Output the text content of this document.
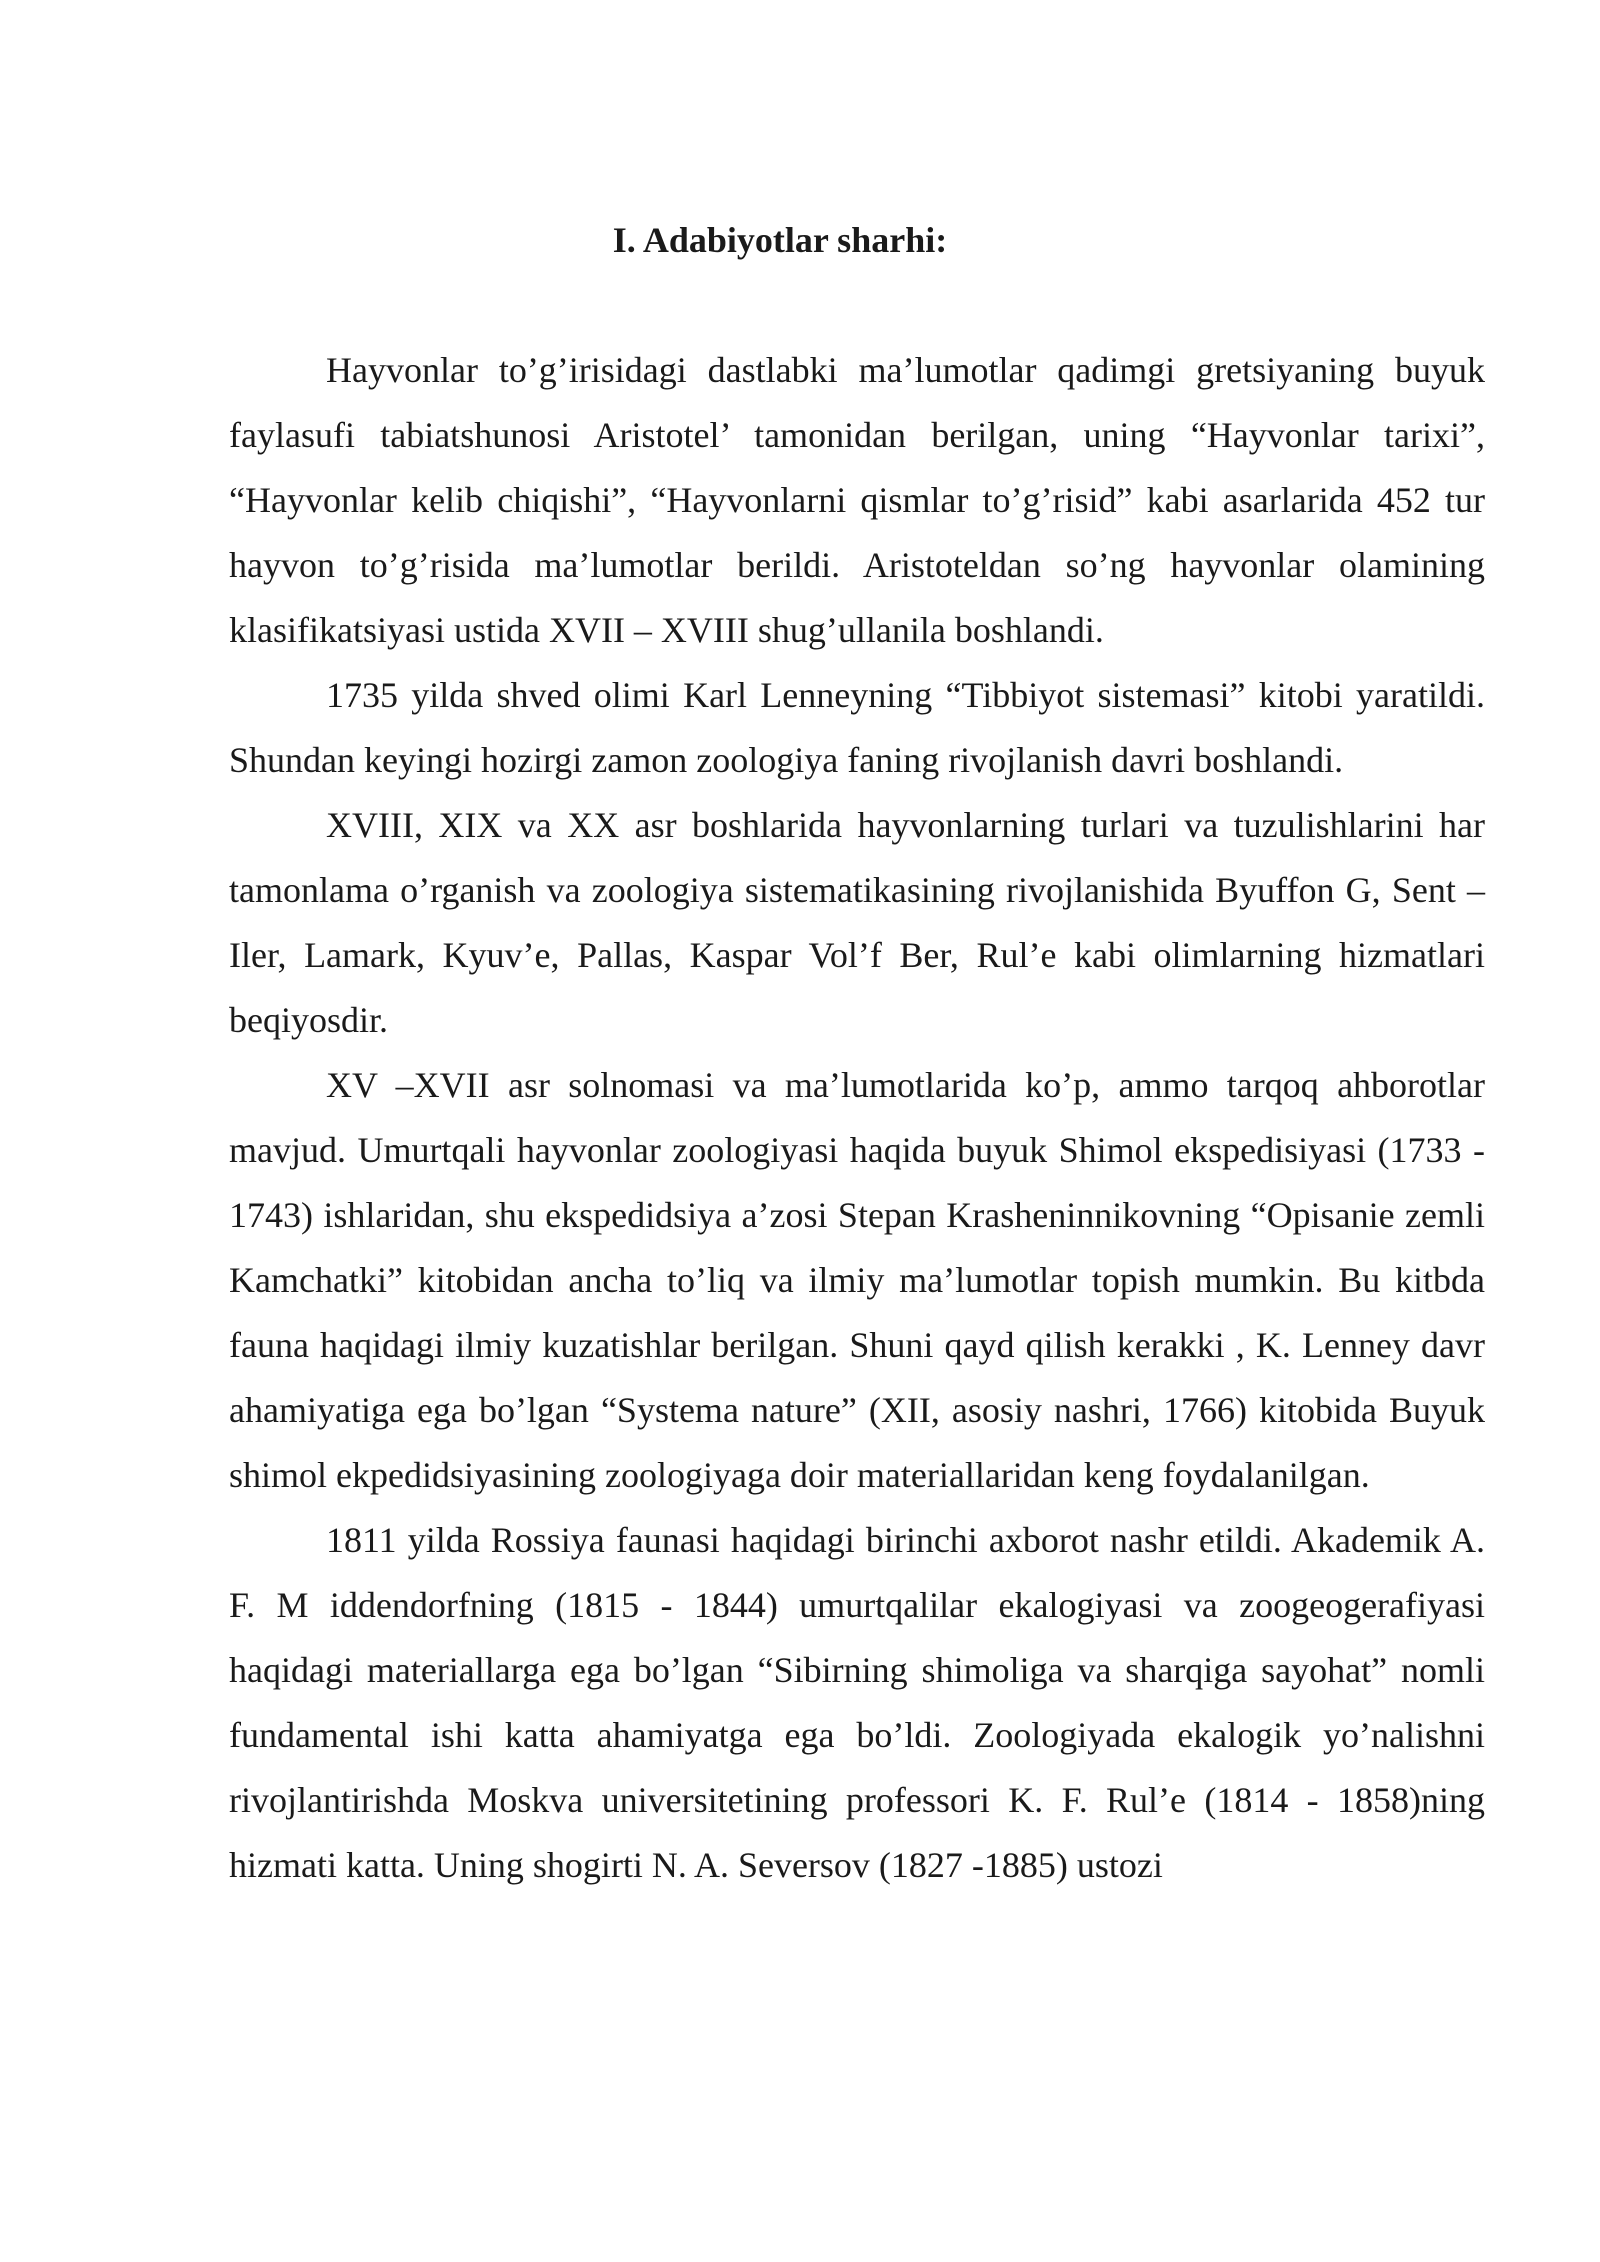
I. Adabiyotlar sharhi:

Hayvonlar to’g’irisidagi dastlabki ma’lumotlar qadimgi gretsiyaning buyuk faylasufi tabiatshunosi Aristotel’ tamonidan berilgan, uning “Hayvonlar tarixi”, “Hayvonlar kelib chiqishi”, “Hayvonlarni qismlar to’g’risid” kabi asarlarida 452 tur hayvon to’g’risida ma’lumotlar berildi. Aristoteldan so’ng hayvonlar olamining klasifikatsiyasi ustida XVII – XVIII shug’ullanila boshlandi.

1735 yilda shved olimi Karl Lenneyning “Tibbiyot sistemasi” kitobi yaratildi. Shundan keyingi hozirgi zamon zoologiya faning rivojlanish davri boshlandi.

XVIII, XIX va XX asr boshlarida hayvonlarning turlari va tuzulishlarini har tamonlama o’rganish va zoologiya sistematikasining rivojlanishida Byuffon G, Sent – Iler, Lamark, Kyuv’e, Pallas, Kaspar Vol’f Ber, Rul’e kabi olimlarning hizmatlari beqiyosdir.

XV –XVII asr solnomasi va ma’lumotlarida ko’p, ammo tarqoq ahborotlar mavjud. Umurtqali hayvonlar zoologiyasi haqida buyuk Shimol ekspedisiyasi (1733 - 1743) ishlaridan, shu ekspedidsiya a’zosi Stepan Krasheninnikovning “Opisanie zemli Kamchatki” kitobidan ancha to’liq va ilmiy ma’lumotlar topish mumkin. Bu kitbda fauna haqidagi ilmiy kuzatishlar berilgan. Shuni qayd qilish kerakki , K. Lenney davr ahamiyatiga ega bo’lgan “Systema nature” (XII, asosiy nashri, 1766) kitobida Buyuk shimol ekpedidsiyasining zoologiyaga doir materiallaridan keng foydalanilgan.

1811 yilda Rossiya faunasi haqidagi birinchi axborot nashr etildi. Akademik A. F. M iddendorfning (1815 - 1844) umurtqalilar ekalogiyasi va zoogeogerafiyasi haqidagi materiallarga ega bo’lgan “Sibirning shimoliga va sharqiga sayohat” nomli fundamental ishi katta ahamiyatga ega bo’ldi. Zoologiyada ekalogik yo’nalishni rivojlantirishda Moskva universitetining professori K. F. Rul’e (1814 - 1858)ning hizmati katta. Uning shogirti N. A. Seversov (1827 -1885) ustozi
